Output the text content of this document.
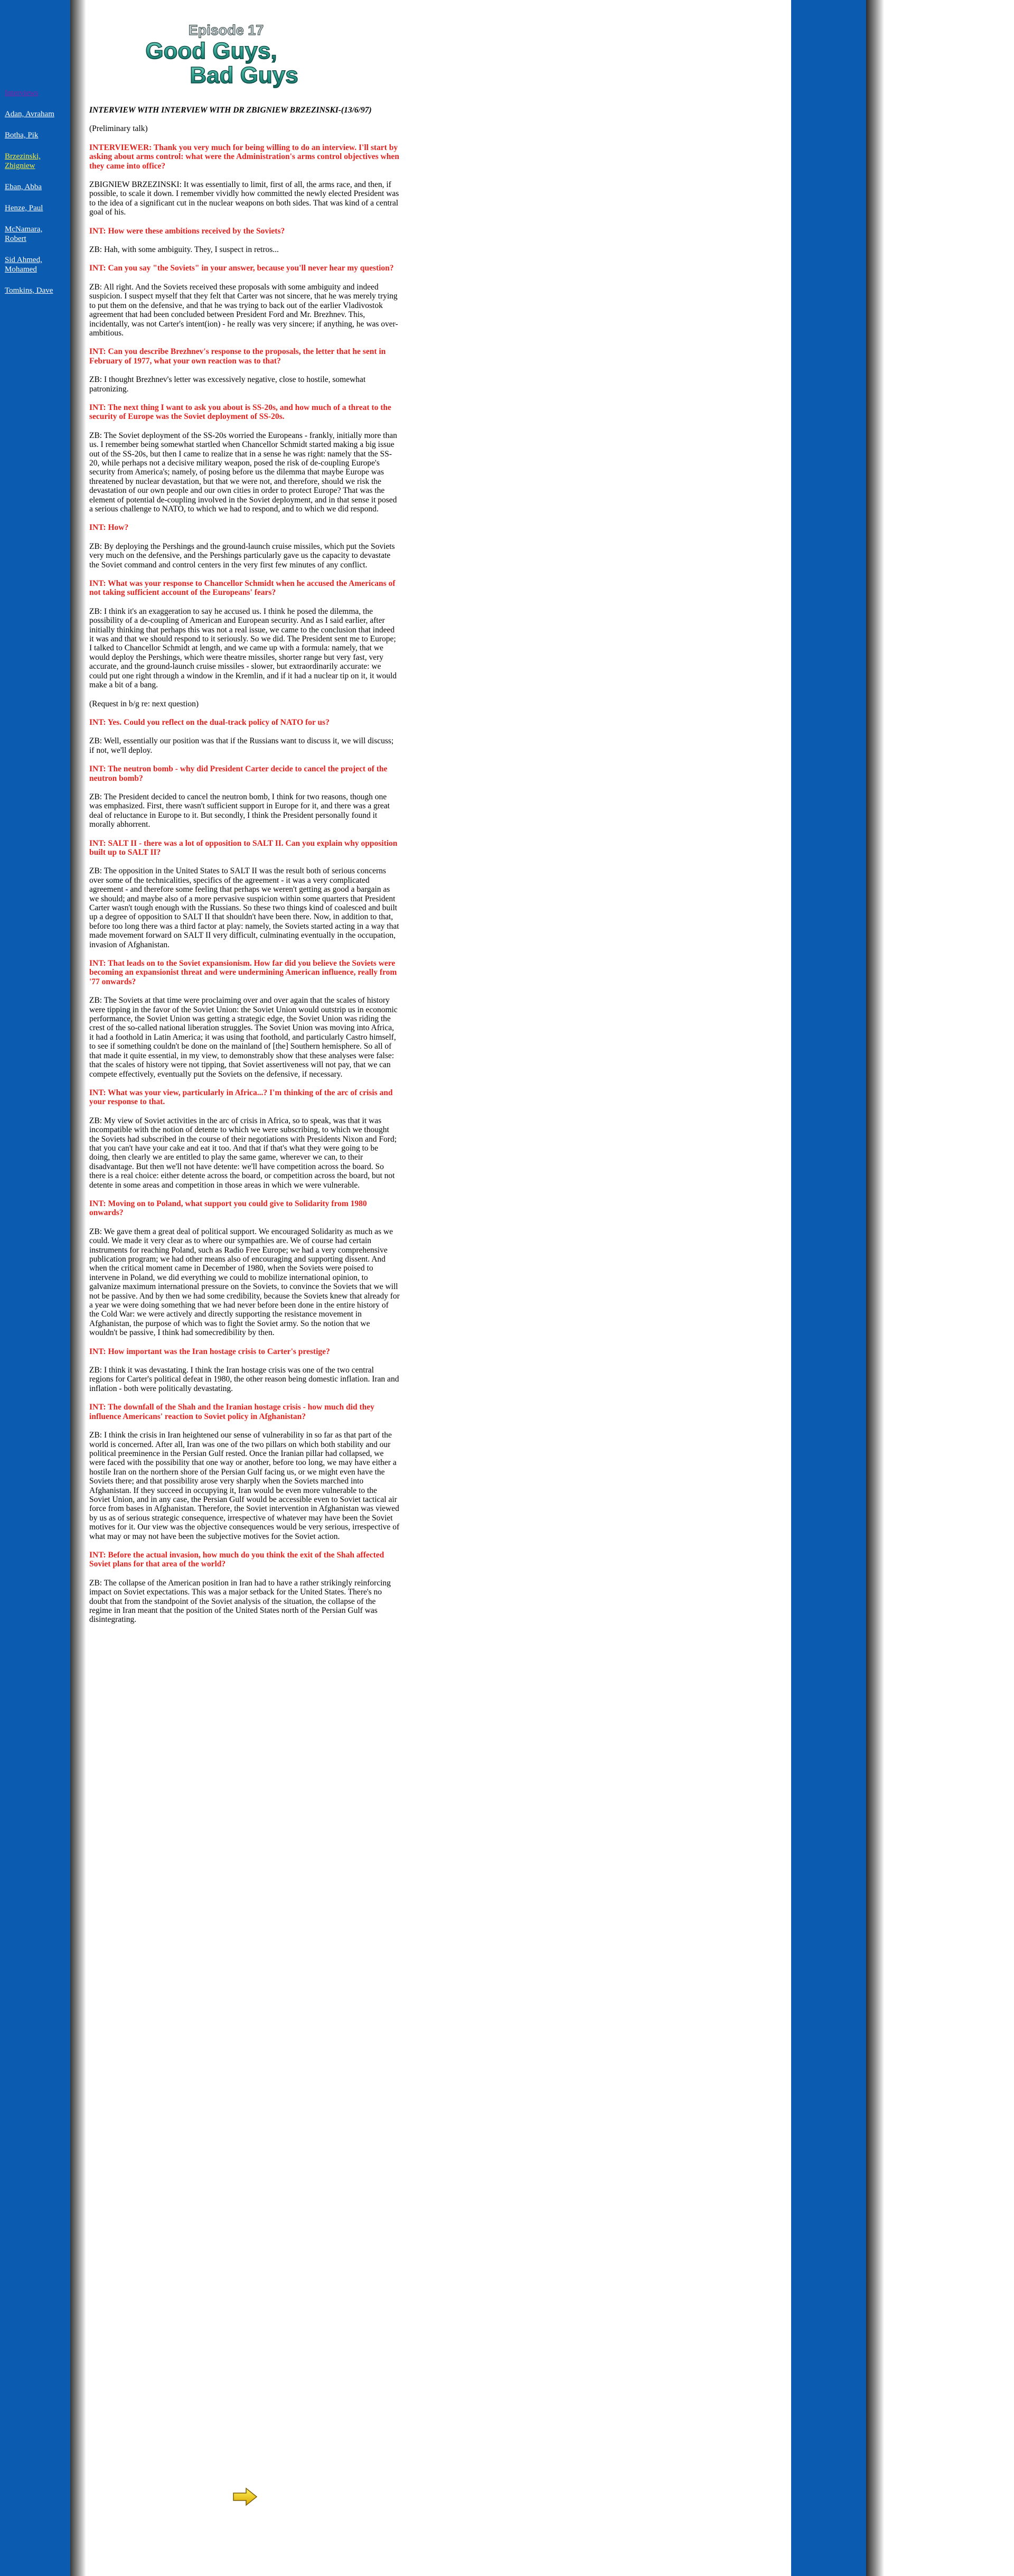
Interviews
Adan, Avraham
Botha, Pik
Brzezinski, Zbigniew
Eban, Abba
Henze, Paul
McNamara, Robert
Sid Ahmed, Mohamed
Tomkins, Dave
Episode 17
Good Guys,
Bad Guys

INTERVIEW WITH INTERVIEW WITH DR ZBIGNIEW BRZEZINSKI-(13/6/97)

(Preliminary talk)

INTERVIEWER: Thank you very much for being willing to do an interview. I'll start by asking about arms control: what were the Administration's arms control objectives when they came into office?

ZBIGNIEW BRZEZINSKI: It was essentially to limit, first of all, the arms race, and then, if possible, to scale it down. I remember vividly how committed the newly elected President was to the idea of a significant cut in the nuclear weapons on both sides. That was kind of a central goal of his.

INT: How were these ambitions received by the Soviets?

ZB: Hah, with some ambiguity. They, I suspect in retros...

INT: Can you say "the Soviets" in your answer, because you'll never hear my question?

ZB: All right. And the Soviets received these proposals with some ambiguity and indeed suspicion. I suspect myself that they felt that Carter was not sincere, that he was merely trying to put them on the defensive, and that he was trying to back out of the earlier Vladivostok agreement that had been concluded between President Ford and Mr. Brezhnev. This, incidentally, was not Carter's intent(ion) - he really was very sincere; if anything, he was over-ambitious.

INT: Can you describe Brezhnev's response to the proposals, the letter that he sent in February of 1977, what your own reaction was to that?

ZB: I thought Brezhnev's letter was excessively negative, close to hostile, somewhat patronizing.

INT: The next thing I want to ask you about is SS-20s, and how much of a threat to the security of Europe was the Soviet deployment of SS-20s.

ZB: The Soviet deployment of the SS-20s worried the Europeans - frankly, initially more than us. I remember being somewhat startled when Chancellor Schmidt started making a big issue out of the SS-20s, but then I came to realize that in a sense he was right: namely that the SS-20, while perhaps not a decisive military weapon, posed the risk of de-coupling Europe's security from America's; namely, of posing before us the dilemma that maybe Europe was threatened by nuclear devastation, but that we were not, and therefore, should we risk the devastation of our own people and our own cities in order to protect Europe? That was the element of potential de-coupling involved in the Soviet deployment, and in that sense it posed a serious challenge to NATO, to which we had to respond, and to which we did respond.

INT: How?

ZB: By deploying the Pershings and the ground-launch cruise missiles, which put the Soviets very much on the defensive, and the Pershings particularly gave us the capacity to devastate the Soviet command and control centers in the very first few minutes of any conflict.

INT: What was your response to Chancellor Schmidt when he accused the Americans of not taking sufficient account of the Europeans' fears?

ZB: I think it's an exaggeration to say he accused us. I think he posed the dilemma, the possibility of a de-coupling of American and European security. And as I said earlier, after initially thinking that perhaps this was not a real issue, we came to the conclusion that indeed it was and that we should respond to it seriously. So we did. The President sent me to Europe; I talked to Chancellor Schmidt at length, and we came up with a formula: namely, that we would deploy the Pershings, which were theatre missiles, shorter range but very fast, very accurate, and the ground-launch cruise missiles - slower, but extraordinarily accurate: we could put one right through a window in the Kremlin, and if it had a nuclear tip on it, it would make a bit of a bang.

(Request in b/g re: next question)

INT: Yes. Could you reflect on the dual-track policy of NATO for us?

ZB: Well, essentially our position was that if the Russians want to discuss it, we will discuss; if not, we'll deploy.

INT: The neutron bomb - why did President Carter decide to cancel the project of the neutron bomb?

ZB: The President decided to cancel the neutron bomb, I think for two reasons, though one was emphasized. First, there wasn't sufficient support in Europe for it, and there was a great deal of reluctance in Europe to it. But secondly, I think the President personally found it morally abhorrent.

INT: SALT II - there was a lot of opposition to SALT II. Can you explain why opposition built up to SALT II?

ZB: The opposition in the United States to SALT II was the result both of serious concerns over some of the technicalities, specifics of the agreement - it was a very complicated agreement - and therefore some feeling that perhaps we weren't getting as good a bargain as we should; and maybe also of a more pervasive suspicion within some quarters that President Carter wasn't tough enough with the Russians. So these two things kind of coalesced and built up a degree of opposition to SALT II that shouldn't have been there. Now, in addition to that, before too long there was a third factor at play: namely, the Soviets started acting in a way that made movement forward on SALT II very difficult, culminating eventually in the occupation, invasion of Afghanistan.

INT: That leads on to the Soviet expansionism. How far did you believe the Soviets were becoming an expansionist threat and were undermining American influence, really from '77 onwards?

ZB: The Soviets at that time were proclaiming over and over again that the scales of history were tipping in the favor of the Soviet Union: the Soviet Union would outstrip us in economic performance, the Soviet Union was getting a strategic edge, the Soviet Union was riding the crest of the so-called national liberation struggles. The Soviet Union was moving into Africa, it had a foothold in Latin America; it was using that foothold, and particularly Castro himself, to see if something couldn't be done on the mainland of [the] Southern hemisphere. So all of that made it quite essential, in my view, to demonstrably show that these analyses were false: that the scales of history were not tipping, that Soviet assertiveness will not pay, that we can compete effectively, eventually put the Soviets on the defensive, if necessary.

INT: What was your view, particularly in Africa...? I'm thinking of the arc of crisis and your response to that.

ZB: My view of Soviet activities in the arc of crisis in Africa, so to speak, was that it was incompatible with the notion of detente to which we were subscribing, to which we thought the Soviets had subscribed in the course of their negotiations with Presidents Nixon and Ford; that you can't have your cake and eat it too. And that if that's what they were going to be doing, then clearly we are entitled to play the same game, wherever we can, to their disadvantage. But then we'll not have detente: we'll have competition across the board. So there is a real choice: either detente across the board, or competition across the board, but not detente in some areas and competition in those areas in which we were vulnerable.

INT: Moving on to Poland, what support you could give to Solidarity from 1980 onwards?

ZB: We gave them a great deal of political support. We encouraged Solidarity as much as we could. We made it very clear as to where our sympathies are. We of course had certain instruments for reaching Poland, such as Radio Free Europe; we had a very comprehensive publication program; we had other means also of encouraging and supporting dissent. And when the critical moment came in December of 1980, when the Soviets were poised to intervene in Poland, we did everything we could to mobilize international opinion, to galvanize maximum international pressure on the Soviets, to convince the Soviets that we will not be passive. And by then we had some credibility, because the Soviets knew that already for a year we were doing something that we had never before been done in the entire history of the Cold War: we were actively and directly supporting the resistance movement in Afghanistan, the purpose of which was to fight the Soviet army. So the notion that we wouldn't be passive, I think had somecredibility by then.

INT: How important was the Iran hostage crisis to Carter's prestige?

ZB: I think it was devastating. I think the Iran hostage crisis was one of the two central regions for Carter's political defeat in 1980, the other reason being domestic inflation. Iran and inflation - both were politically devastating.

INT: The downfall of the Shah and the Iranian hostage crisis - how much did they influence Americans' reaction to Soviet policy in Afghanistan?

ZB: I think the crisis in Iran heightened our sense of vulnerability in so far as that part of the world is concerned. After all, Iran was one of the two pillars on which both stability and our political preeminence in the Persian Gulf rested. Once the Iranian pillar had collapsed, we were faced with the possibility that one way or another, before too long, we may have either a hostile Iran on the northern shore of the Persian Gulf facing us, or we might even have the Soviets there; and that possibility arose very sharply when the Soviets marched into Afghanistan. If they succeed in occupying it, Iran would be even more vulnerable to the Soviet Union, and in any case, the Persian Gulf would be accessible even to Soviet tactical air force from bases in Afghanistan. Therefore, the Soviet intervention in Afghanistan was viewed by us as of serious strategic consequence, irrespective of whatever may have been the Soviet motives for it. Our view was the objective consequences would be very serious, irrespective of what may or may not have been the subjective motives for the Soviet action.

INT: Before the actual invasion, how much do you think the exit of the Shah affected Soviet plans for that area of the world?

ZB: The collapse of the American position in Iran had to have a rather strikingly reinforcing impact on Soviet expectations. This was a major setback for the United States. There's no doubt that from the standpoint of the Soviet analysis of the situation, the collapse of the regime in Iran meant that the position of the United States north of the Persian Gulf was disintegrating.
